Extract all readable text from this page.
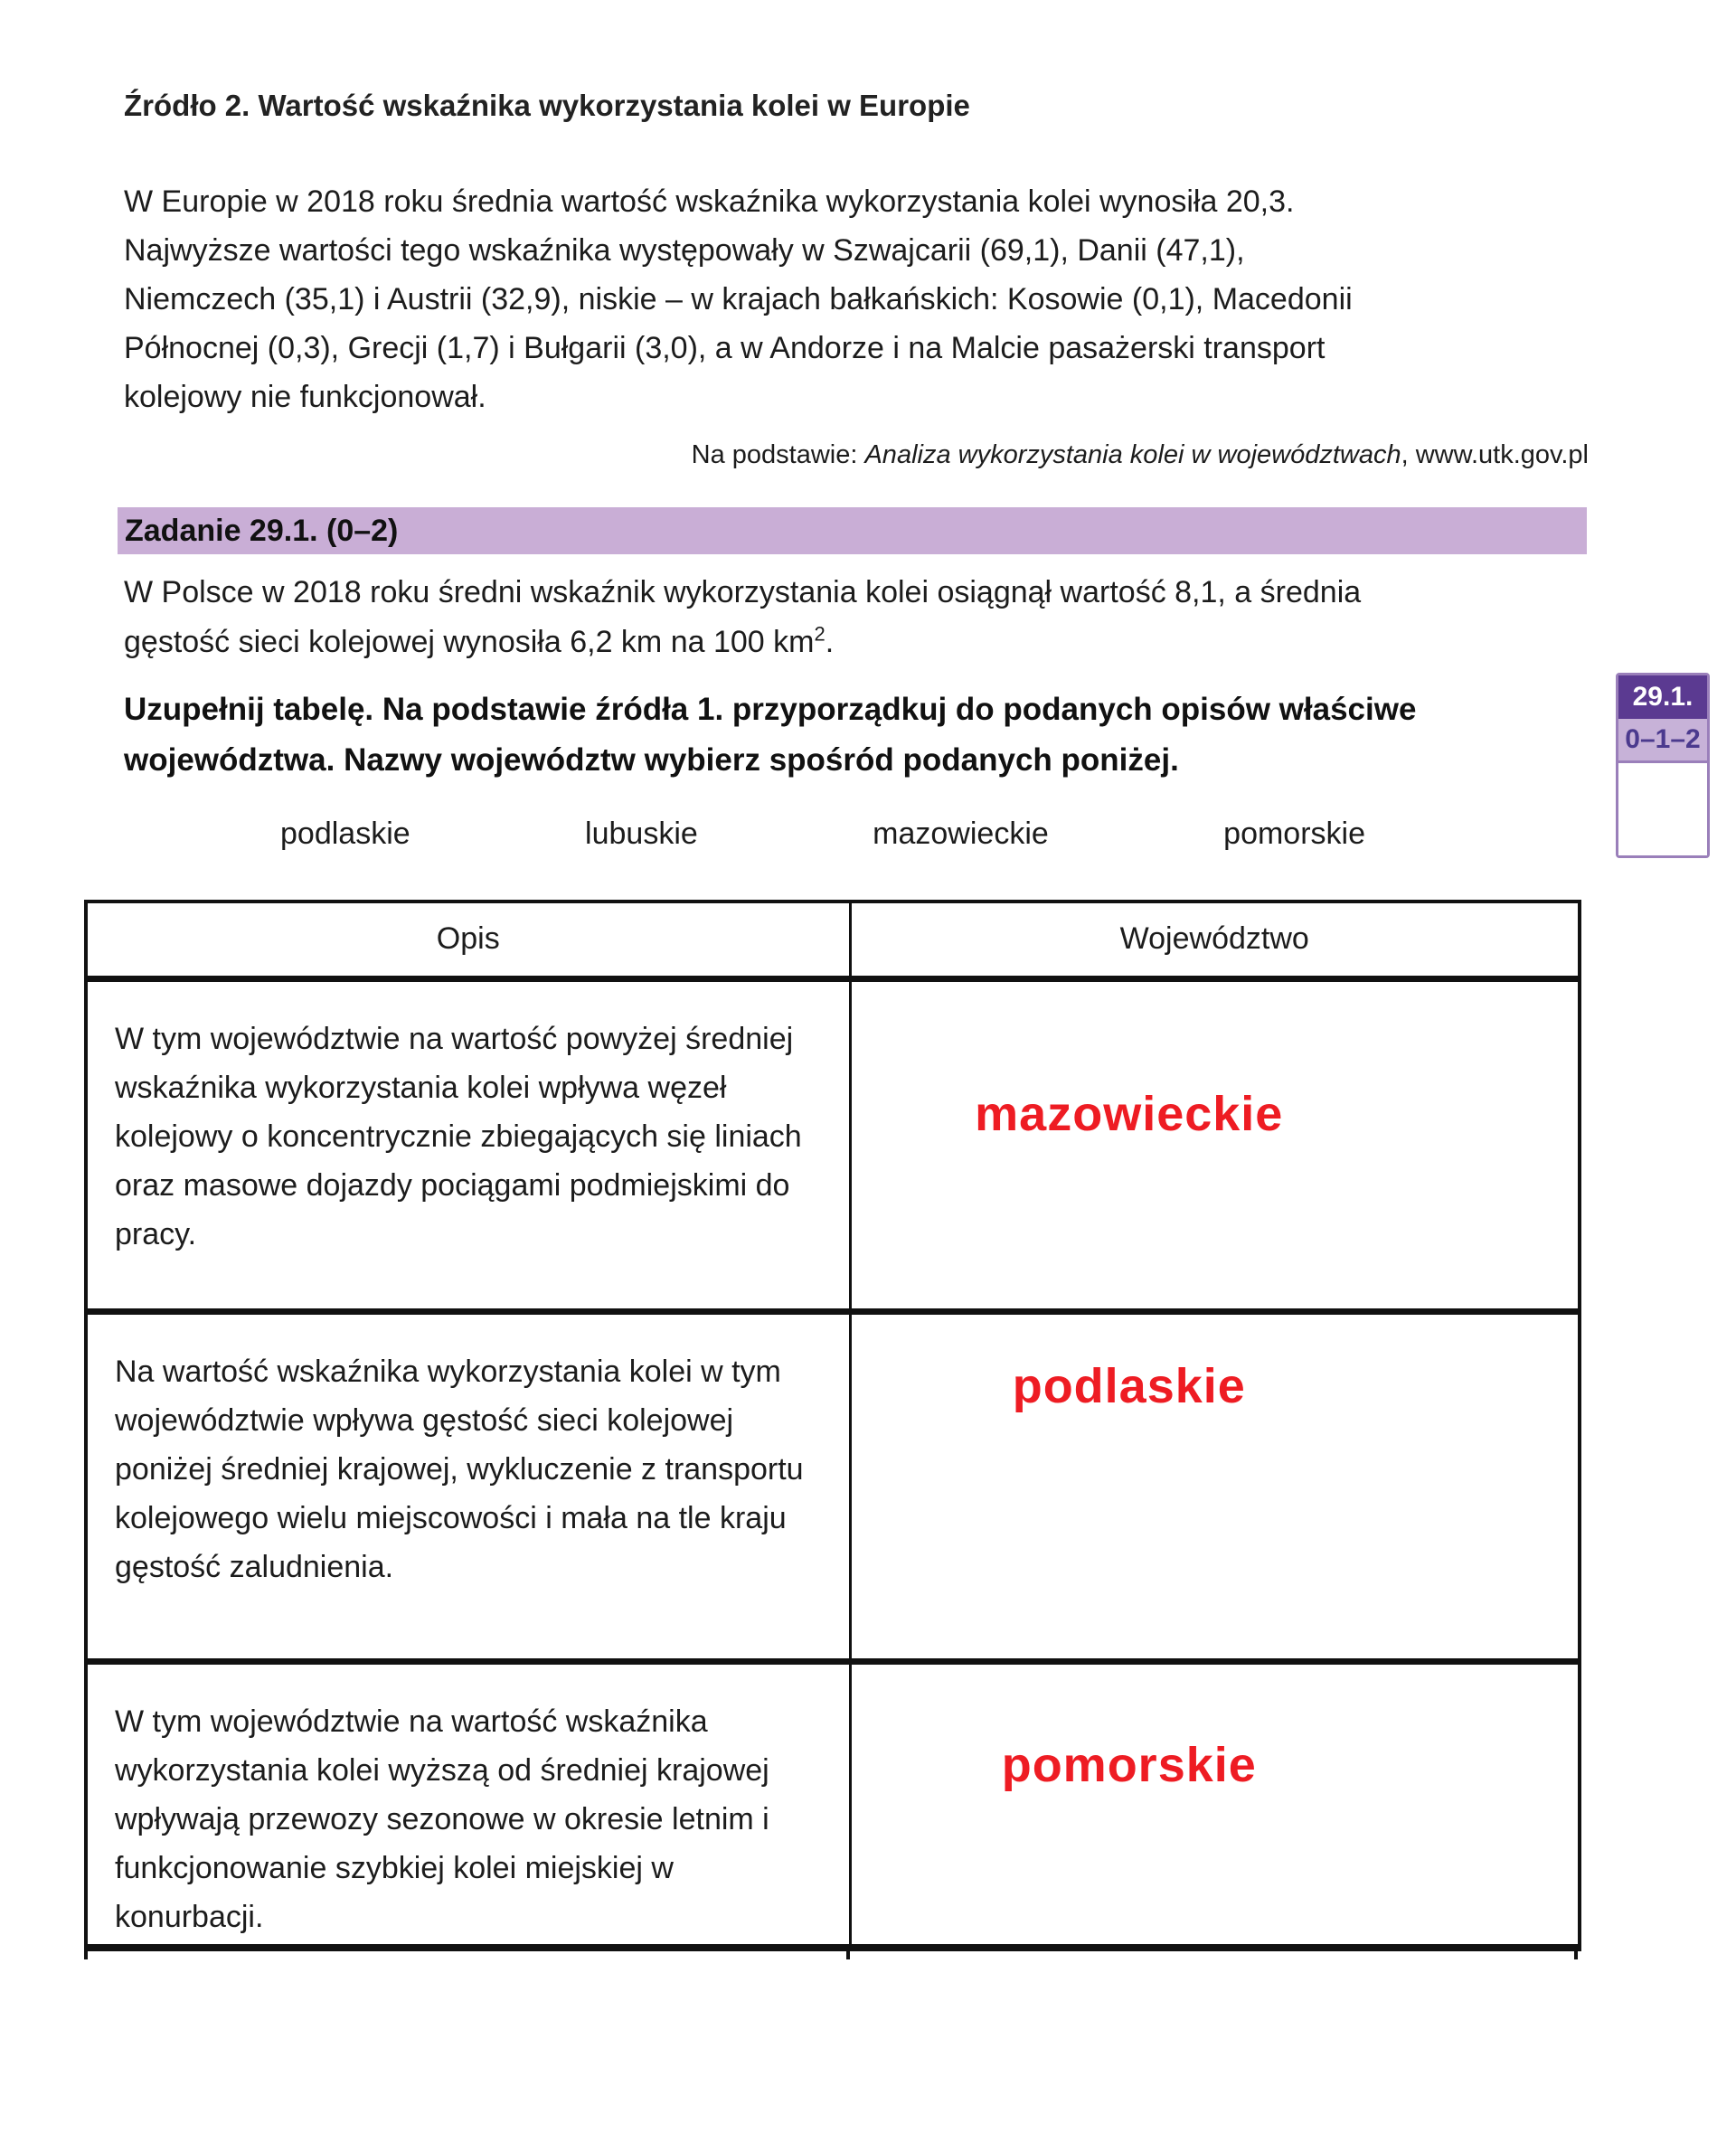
Źródło 2. Wartość wskaźnika wykorzystania kolei w Europie
W Europie w 2018 roku średnia wartość wskaźnika wykorzystania kolei wynosiła 20,3.
Najwyższe wartości tego wskaźnika występowały w Szwajcarii (69,1), Danii (47,1),
Niemczech (35,1) i Austrii (32,9), niskie – w krajach bałkańskich: Kosowie (0,1), Macedonii
Północnej (0,3), Grecji (1,7) i Bułgarii (3,0), a w Andorze i na Malcie pasażerski transport
kolejowy nie funkcjonował.
Na podstawie: Analiza wykorzystania kolei w województwach, www.utk.gov.pl
Zadanie 29.1. (0–2)
W Polsce w 2018 roku średni wskaźnik wykorzystania kolei osiągnął wartość 8,1, a średnia
gęstość sieci kolejowej wynosiła 6,2 km na 100 $km^2$.
Uzupełnij tabelę. Na podstawie źródła 1. przyporządkuj do podanych opisów właściwe
województwa. Nazwy województw wybierz spośród podanych poniżej.
podlaskie	lubuskie	mazowieckie	pomorskie
29.1.
0–1–2
Opis	Województwo
W tym województwie na wartość powyżej średniej wskaźnika wykorzystania kolei wpływa węzeł kolejowy o koncentrycznie zbiegających się liniach oraz masowe dojazdy pociągami podmiejskimi do pracy.	mazowieckie
Na wartość wskaźnika wykorzystania kolei w tym województwie wpływa gęstość sieci kolejowej poniżej średniej krajowej, wykluczenie z transportu kolejowego wielu miejscowości i mała na tle kraju gęstość zaludnienia.	podlaskie
W tym województwie na wartość wskaźnika wykorzystania kolei wyższą od średniej krajowej wpływają przewozy sezonowe w okresie letnim i funkcjonowanie szybkiej kolei miejskiej w konurbacji.	pomorskie
